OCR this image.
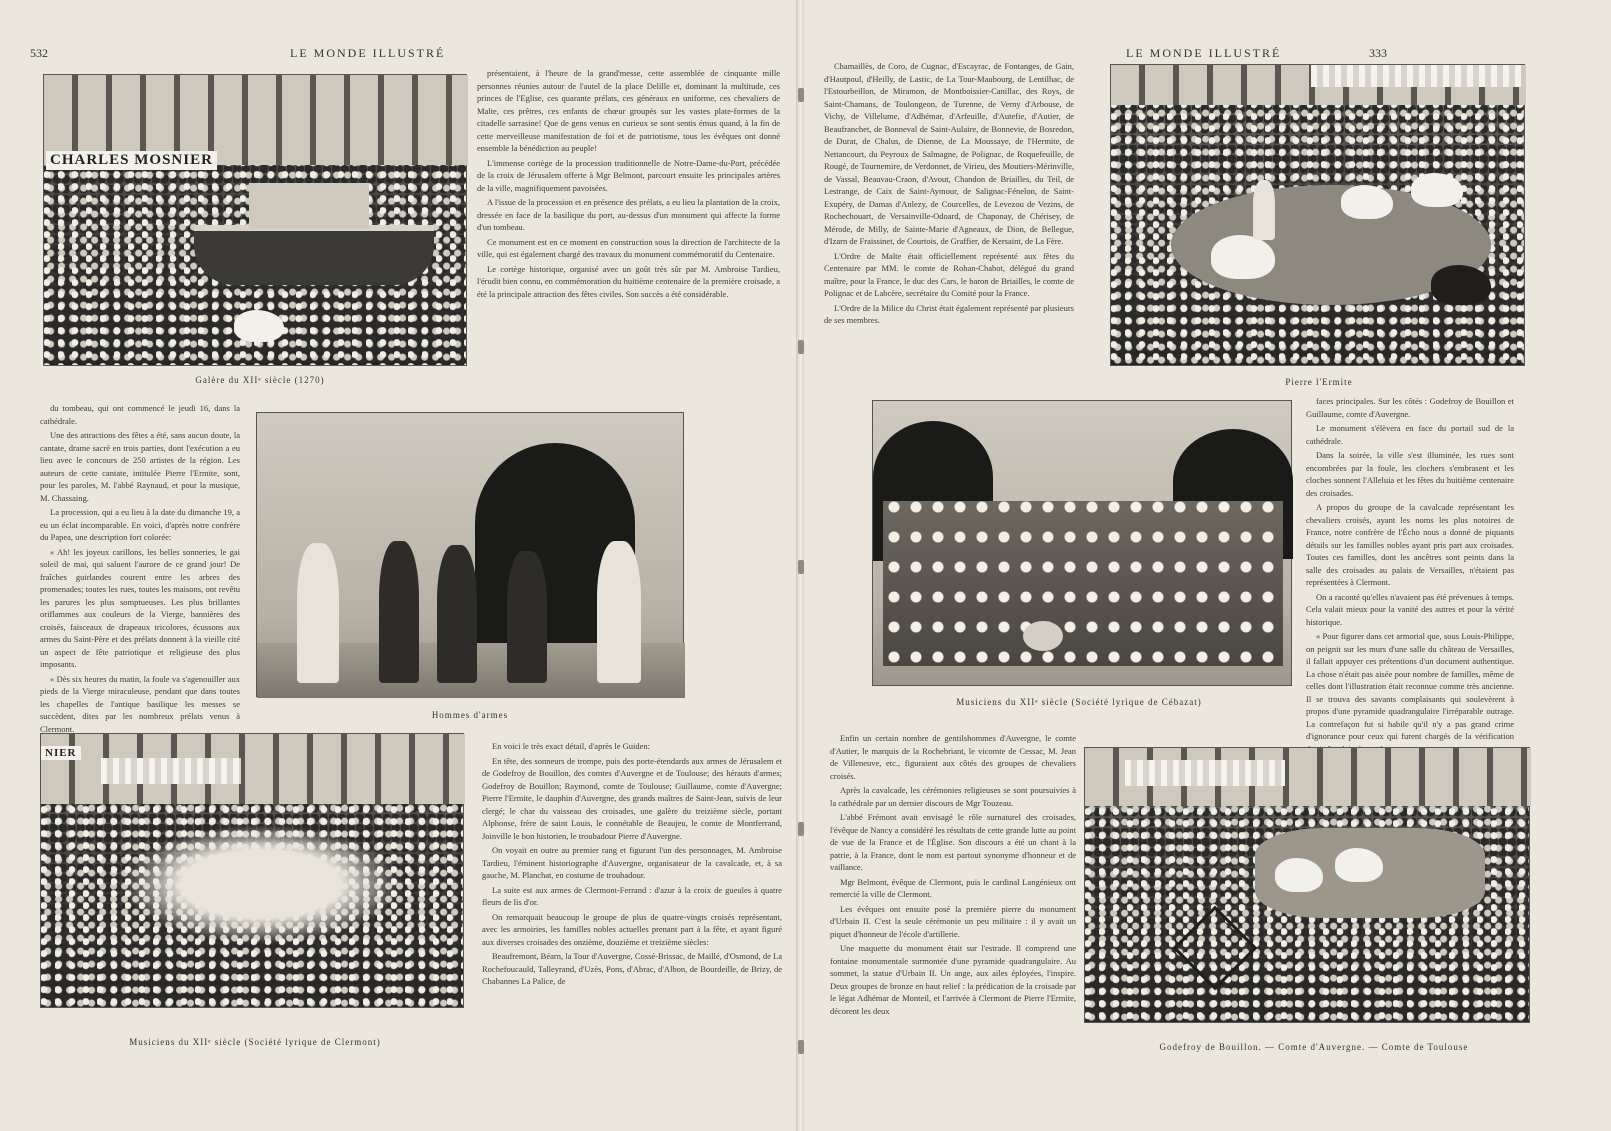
532	LE MONDE ILLUSTRÉ
CHARLES MOSNIER
Galère du XIIᵉ siècle (1270)

présentaient, à l'heure de la grand'messe, cette assemblée de cinquante mille personnes réunies autour de l'autel de la place Delille et, dominant la multitude, ces princes de l'Eglise, ces quarante prélats, ces généraux en uniforme, ces chevaliers de Malte, ces prêtres, ces enfants de chœur groupés sur les vastes plate-formes de la citadelle sarrasine! Que de gens venus en curieux se sont sentis émus quand, à la fin de cette merveilleuse manifestation de foi et de patriotisme, tous les évêques ont donné ensemble la bénédiction au peuple!

L'immense cortège de la procession traditionnelle de Notre-Dame-du-Port, précédée de la croix de Jérusalem offerte à Mgr Belmont, parcourt ensuite les principales artères de la ville, magnifiquement pavoisées.

A l'issue de la procession et en présence des prélats, a eu lieu la plantation de la croix, dressée en face de la basilique du port, au-dessus d'un monument qui affecte la forme d'un tombeau.

Ce monument est en ce moment en construction sous la direction de l'architecte de la ville, qui est également chargé des travaux du monument commémoratif du Centenaire.

Le cortège historique, organisé avec un goût très sûr par M. Ambroise Tardieu, l'érudit bien connu, en commémoration du huitième centenaire de la première croisade, a été la principale attraction des fêtes civiles. Son succès a été considérable.

du tombeau, qui ont commencé le jeudi 16, dans la cathédrale.

Une des attractions des fêtes a été, sans aucun doute, la cantate, drame sacré en trois parties, dont l'exécution a eu lieu avec le concours de 250 artistes de la région. Les auteurs de cette cantate, intitulée Pierre l'Ermite, sont, pour les paroles, M. l'abbé Raynaud, et pour la musique, M. Chassaing.

La procession, qui a eu lieu à la date du dimanche 19, a eu un éclat incomparable. En voici, d'après notre confrère du Papea, une description fort colorée:

« Ah! les joyeux carillons, les belles sonneries, le gai soleil de mai, qui saluent l'aurore de ce grand jour! De fraîches guirlandes courent entre les arbres des promenades; toutes les rues, toutes les maisons, ont revêtu les parures les plus somptueuses. Les plus brillantes oriflammes aux couleurs de la Vierge, bannières des croisés, faisceaux de drapeaux tricolores, écussons aux armes du Saint-Père et des prélats donnent à la vieille cité un aspect de fête patriotique et religieuse des plus imposants.

« Dès six heures du matin, la foule va s'agenouiller aux pieds de la Vierge miraculeuse, pendant que dans toutes les chapelles de l'antique basilique les messes se succèdent, dites par les nombreux prélats venus à Clermont.

Hommes d'armes
NIER
Musiciens du XIIᵉ siècle (Société lyrique de Clermont)

En voici le très exact détail, d'après le Guiden:

En tête, des sonneurs de trompe, puis des porte-étendards aux armes de Jérusalem et de Godefroy de Bouillon, des comtes d'Auvergne et de Toulouse; des hérauts d'armes; Godefroy de Bouillon; Raymond, comte de Toulouse; Guillaume, comte d'Auvergne; Pierre l'Ermite, le dauphin d'Auvergne, des grands maîtres de Saint-Jean, suivis de leur clergé; le char du vaisseau des croisades, une galère du treizième siècle, portant Alphonse, frère de saint Louis, le connétable de Beaujeu, le comte de Montferrand, Joinville le bon historien, le troubadour Pierre d'Auvergne.

On voyait en outre au premier rang et figurant l'un des personnages, M. Ambroise Tardieu, l'éminent historiographe d'Auvergne, organisateur de la cavalcade, et, à sa gauche, M. Planchat, en costume de troubadour.

La suite est aux armes de Clermont-Ferrand : d'azur à la croix de gueules à quatre fleurs de lis d'or.

On remarquait beaucoup le groupe de plus de quatre-vingts croisés représentant, avec les armoiries, les familles nobles actuelles prenant part à la fête, et ayant figuré aux diverses croisades des onzième, douzième et treizième siècles:

Beaufremont, Béarn, la Tour d'Auvergne, Cossé-Brissac, de Maillé, d'Osmond, de La Rochefoucauld, Talleyrand, d'Uzès, Pons, d'Abrac, d'Albon, de Bourdeille, de Brizy, de Chabannes La Palice, de

LE MONDE ILLUSTRÉ	333

Chamaillès, de Coro, de Cugnac, d'Escayrac, de Fontanges, de Gain, d'Hautpoul, d'Heilly, de Lastic, de La Tour-Maubourg, de Lentilhac, de l'Estourbeillon, de Miramon, de Montboissier-Canillac, des Roys, de Saint-Chamans, de Toulongeon, de Turenne, de Verny d'Arbouse, de Vichy, de Villelume, d'Adhémar, d'Arfeuille, d'Autefie, d'Autier, de Beaufranchet, de Bonneval de Saint-Aulaire, de Bonnevie, de Bosredon, de Durat, de Chalus, de Dienne, de La Moussaye, de l'Hermite, de Nettancourt, du Peyroux de Salmagne, de Polignac, de Roquefeuille, de Rougé, de Tournemire, de Verdonnet, de Virieu, des Moutiers-Mérinville, de Vassal, Beauvau-Craon, d'Avout, Chandon de Briailles, du Teil, de Lestrange, de Caix de Saint-Aymour, de Salignac-Fénelon, de Saint-Exupéry, de Damas d'Anlezy, de Courcelles, de Levezou de Vezins, de Rochechouart, de Versainville-Odoard, de Chaponay, de Chérisey, de Mérode, de Milly, de Sainte-Marie d'Agneaux, de Dion, de Bellegue, d'Izarn de Fraissinet, de Courtois, de Graffier, de Kersaint, de La Fère.

L'Ordre de Malte était officiellement représenté aux fêtes du Centenaire par MM. le comte de Rohan-Chabot, délégué du grand maître, pour la France, le duc des Cars, le baron de Briailles, le comte de Polignac et de Labcère, secrétaire du Comité pour la France.

L'Ordre de la Milice du Christ était également représenté par plusieurs de ses membres.

Pierre l'Ermite
Musiciens du XIIᵉ siècle (Société lyrique de Cébazat)

faces principales. Sur les côtés : Godefroy de Bouillon et Guillaume, comte d'Auvergne.

Le monument s'élèvera en face du portail sud de la cathédrale.

Dans la soirée, la ville s'est illuminée, les rues sont encombrées par la foule, les clochers s'embrasent et les cloches sonnent l'Alleluia et les fêtes du huitième centenaire des croisades.

A propos du groupe de la cavalcade représentant les chevaliers croisés, ayant les noms les plus notoires de France, notre confrère de l'Écho nous a donné de piquants détails sur les familles nobles ayant pris part aux croisades. Toutes ces familles, dont les ancêtres sont peints dans la salle des croisades au palais de Versailles, n'étaient pas représentées à Clermont.

On a raconté qu'elles n'avaient pas été prévenues à temps. Cela valait mieux pour la vanité des autres et pour la vérité historique.

« Pour figurer dans cet armorial que, sous Louis-Philippe, on peignit sur les murs d'une salle du château de Versailles, il fallait appuyer ces prétentions d'un document authentique. La chose n'était pas aisée pour nombre de familles, même de celles dont l'illustration était reconnue comme très ancienne. Il se trouva des savants complaisants qui soulevèrent à propos d'une pyramide quadrangulaire l'irréparable outrage. La contrefaçon fut si habile qu'il n'y a pas grand crime d'ignorance pour ceux qui furent chargés de la vérification

Enfin un certain nombre de gentilshommes d'Auvergne, le comte d'Autier, le marquis de la Rochebriant, le vicomte de Cessac, M. Jean de Villeneuve, etc., figuraient aux côtés des groupes de chevaliers croisés.

Après la cavalcade, les cérémonies religieuses se sont poursuivies à la cathédrale par un dernier discours de Mgr Touzeau.

L'abbé Frémont avait envisagé le rôle surnaturel des croisades, l'évêque de Nancy a considéré les résultats de cette grande lutte au point de vue de la France et de l'Église. Son discours a été un chant à la patrie, à la France, dont le nom est partout synonyme d'honneur et de vaillance.

Mgr Belmont, évêque de Clermont, puis le cardinal Langénieux ont remercié la ville de Clermont.

Les évêques ont ensuite posé la première pierre du monument d'Urbain II. C'est la seule cérémonie un peu militaire : il y avait un piquet d'honneur de l'école d'artillerie.

Une maquette du monument était sur l'estrade. Il comprend une fontaine monumentale surmontée d'une pyramide quadrangulaire. Au sommet, la statue d'Urbain II. Un ange, aux ailes éployées, l'inspire. Deux groupes de bronze en haut relief : la prédication de la croisade par le légat Adhémar de Monteil, et l'arrivée à Clermont de Pierre l'Ermite, décorent les deux

Godefroy de Bouillon. — Comte d'Auvergne. — Comte de Toulouse
